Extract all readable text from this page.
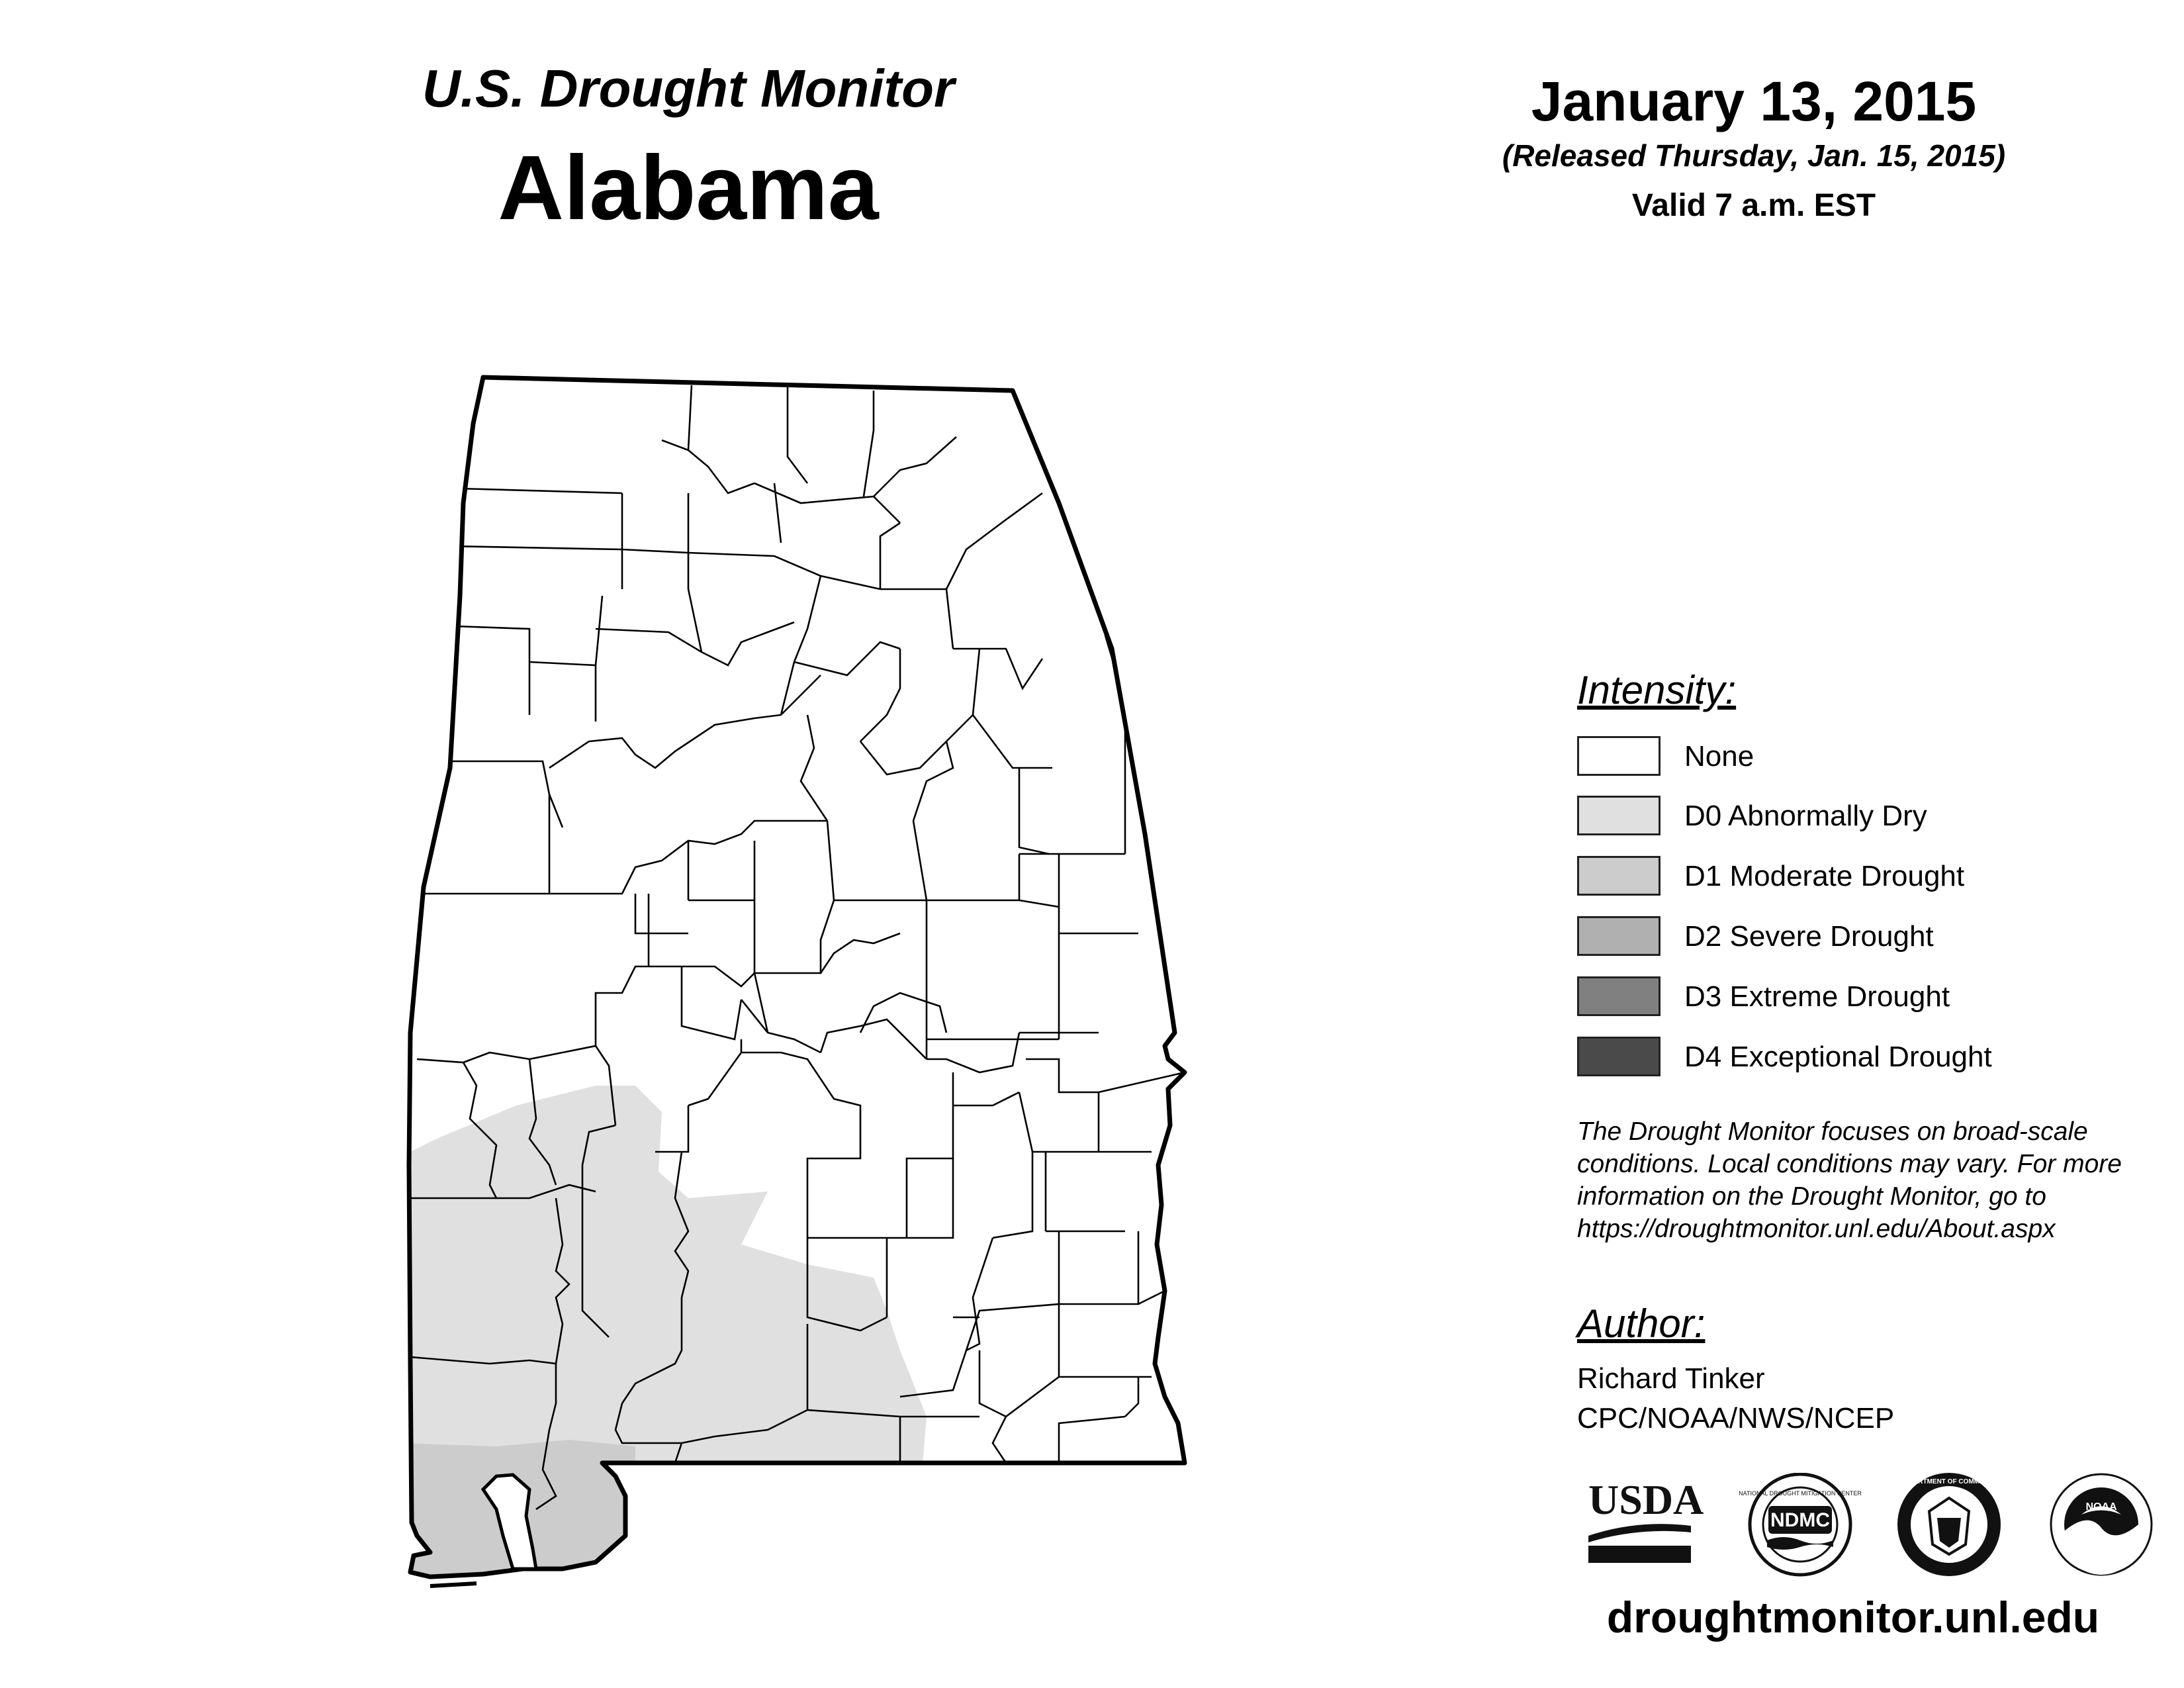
U.S. Drought Monitor
Alabama
January 13, 2015
(Released Thursday, Jan. 15, 2015)
Valid 7 a.m. EST
Intensity:
None
D0 Abnormally Dry
D1 Moderate Drought
D2 Severe Drought
D3 Extreme Drought
D4 Exceptional Drought
The Drought Monitor focuses on broad-scale conditions. Local conditions may vary. For more information on the Drought Monitor, go to https://droughtmonitor.unl.edu/About.aspx
Author:
Richard Tinker
CPC/NOAA/NWS/NCEP
USDA	NATIONAL DROUGHT MITIGATION CENTER
NDMC
DEPARTMENT OF COMMERCE
NOAA
droughtmonitor.unl.edu
